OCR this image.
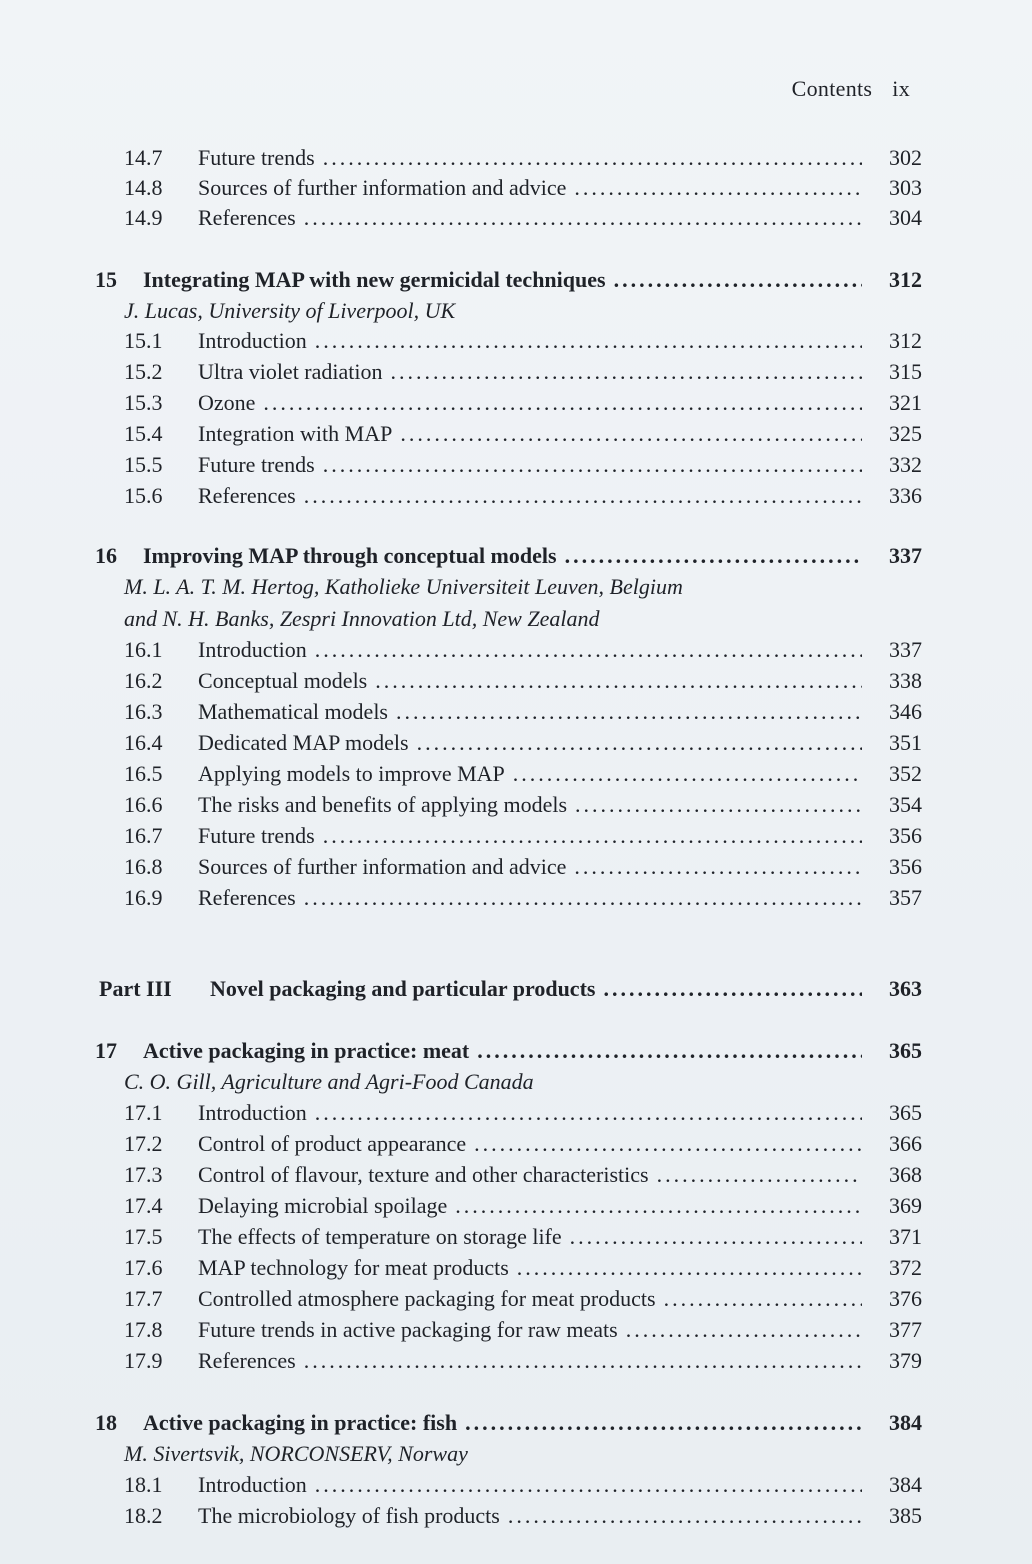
Contents ix
14.7 Future trends .....	302
14.8 Sources of further information and advice .....	303
14.9 References .....	304
15 Integrating MAP with new germicidal techniques .....	312
J. Lucas, University of Liverpool, UK
15.1 Introduction .....	312
15.2 Ultra violet radiation .....	315
15.3 Ozone .....	321
15.4 Integration with MAP .....	325
15.5 Future trends .....	332
15.6 References .....	336
16 Improving MAP through conceptual models .....	337
M. L. A. T. M. Hertog, Katholieke Universiteit Leuven, Belgium
and N. H. Banks, Zespri Innovation Ltd, New Zealand
16.1 Introduction .....	337
16.2 Conceptual models .....	338
16.3 Mathematical models .....	346
16.4 Dedicated MAP models .....	351
16.5 Applying models to improve MAP .....	352
16.6 The risks and benefits of applying models .....	354
16.7 Future trends .....	356
16.8 Sources of further information and advice .....	356
16.9 References .....	357
Part III Novel packaging and particular products .....	363
17 Active packaging in practice: meat .....	365
C. O. Gill, Agriculture and Agri-Food Canada
17.1 Introduction .....	365
17.2 Control of product appearance .....	366
17.3 Control of flavour, texture and other characteristics .....	368
17.4 Delaying microbial spoilage .....	369
17.5 The effects of temperature on storage life .....	371
17.6 MAP technology for meat products .....	372
17.7 Controlled atmosphere packaging for meat products .....	376
17.8 Future trends in active packaging for raw meats .....	377
17.9 References .....	379
18 Active packaging in practice: fish .....	384
M. Sivertsvik, NORCONSERV, Norway
18.1 Introduction .....	384
18.2 The microbiology of fish products .....	385
